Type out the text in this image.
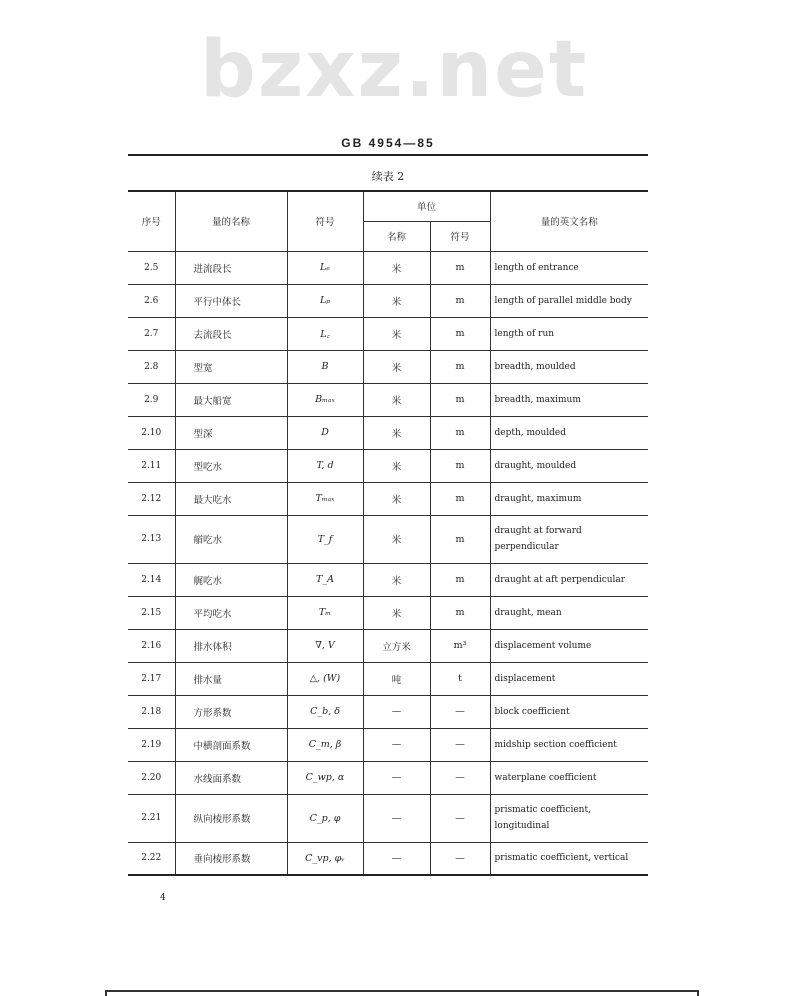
bzxz.net
GB 4954—85
续表 2
序号	量的名称	符号	单位		量的英文名称
			名称	符号	
2.5	进流段长	Lₑ	米	m	length of entrance
2.6	平行中体长	Lₚ	米	m	length of parallel middle body
2.7	去流段长	L꜀	米	m	length of run
2.8	型宽	B	米	m	breadth, moulded
2.9	最大船宽	Bₘₐₓ	米	m	breadth, maximum
2.10	型深	D	米	m	depth, moulded
2.11	型吃水	T, d	米	m	draught, moulded
2.12	最大吃水	Tₘₐₓ	米	m	draught, maximum
2.13	艏吃水	T_f	米	m	draught at forward perpendicular
2.14	艉吃水	T_A	米	m	draught at aft perpendicular
2.15	平均吃水	Tₘ	米	m	draught, mean
2.16	排水体积	∇, V	立方米	m³	displacement volume
2.17	排水量	△, (W)	吨	t	displacement
2.18	方形系数	C_b, δ	—	—	block coefficient
2.19	中横剖面系数	C_m, β	—	—	midship section coefficient
2.20	水线面系数	C_wp, α	—	—	waterplane coefficient
2.21	纵向棱形系数	C_p, φ	—	—	prismatic coefficient, longitudinal
2.22	垂向棱形系数	C_vp, φᵥ	—	—	prismatic coefficient, vertical
4
